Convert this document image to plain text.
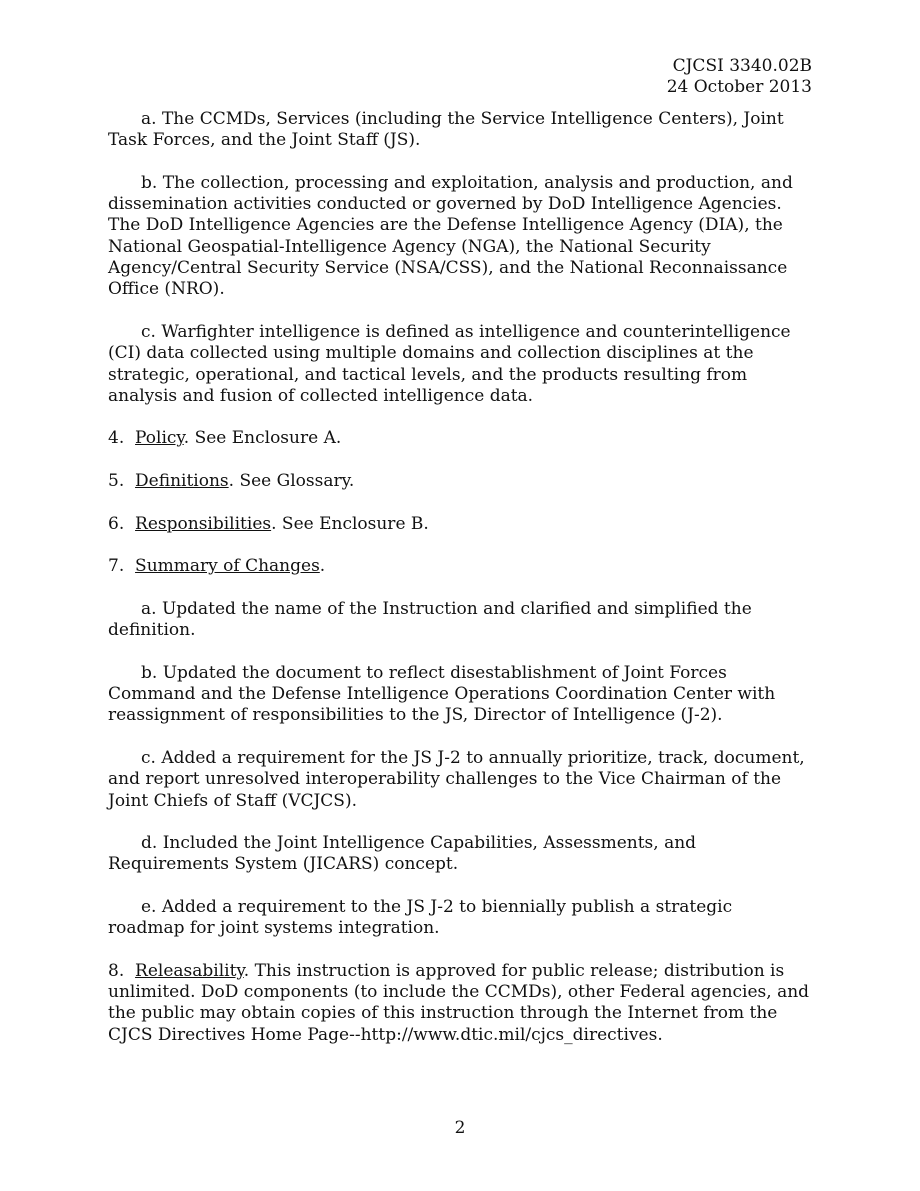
CJCSI 3340.02B
24 October 2013

a. The CCMDs, Services (including the Service Intelligence Centers), Joint Task Forces, and the Joint Staff (JS).

b. The collection, processing and exploitation, analysis and production, and dissemination activities conducted or governed by DoD Intelligence Agencies. The DoD Intelligence Agencies are the Defense Intelligence Agency (DIA), the National Geospatial-Intelligence Agency (NGA), the National Security Agency/Central Security Service (NSA/CSS), and the National Reconnaissance Office (NRO).

c. Warfighter intelligence is defined as intelligence and counterintelligence (CI) data collected using multiple domains and collection disciplines at the strategic, operational, and tactical levels, and the products resulting from analysis and fusion of collected intelligence data.

4. Policy. See Enclosure A.

5. Definitions. See Glossary.

6. Responsibilities. See Enclosure B.

7. Summary of Changes.

a. Updated the name of the Instruction and clarified and simplified the definition.

b. Updated the document to reflect disestablishment of Joint Forces Command and the Defense Intelligence Operations Coordination Center with reassignment of responsibilities to the JS, Director of Intelligence (J-2).

c. Added a requirement for the JS J-2 to annually prioritize, track, document, and report unresolved interoperability challenges to the Vice Chairman of the Joint Chiefs of Staff (VCJCS).

d. Included the Joint Intelligence Capabilities, Assessments, and Requirements System (JICARS) concept.

e. Added a requirement to the JS J-2 to biennially publish a strategic roadmap for joint systems integration.

8. Releasability. This instruction is approved for public release; distribution is unlimited. DoD components (to include the CCMDs), other Federal agencies, and the public may obtain copies of this instruction through the Internet from the CJCS Directives Home Page--http://www.dtic.mil/cjcs_directives.

2
